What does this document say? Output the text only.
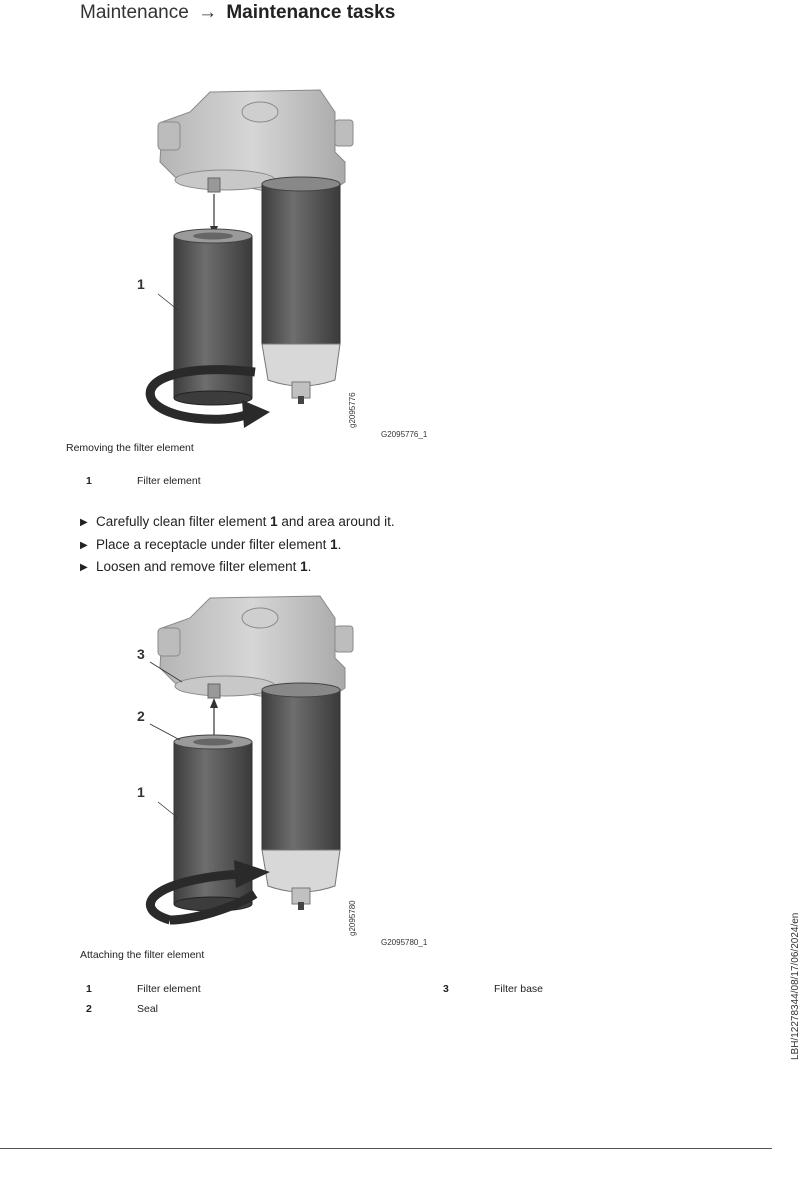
Maintenance → Maintenance tasks
1
g2095776
G2095776_1
Removing the filter element
1	Filter element
▶ Carefully clean filter element 1 and area around it.
▶ Place a receptacle under filter element 1.
▶ Loosen and remove filter element 1.
3
2
1
g2095780
G2095780_1
Attaching the filter element
1	Filter element	3	Filter base
2	Seal	LBH/12278344/08/17/06/2024/en
